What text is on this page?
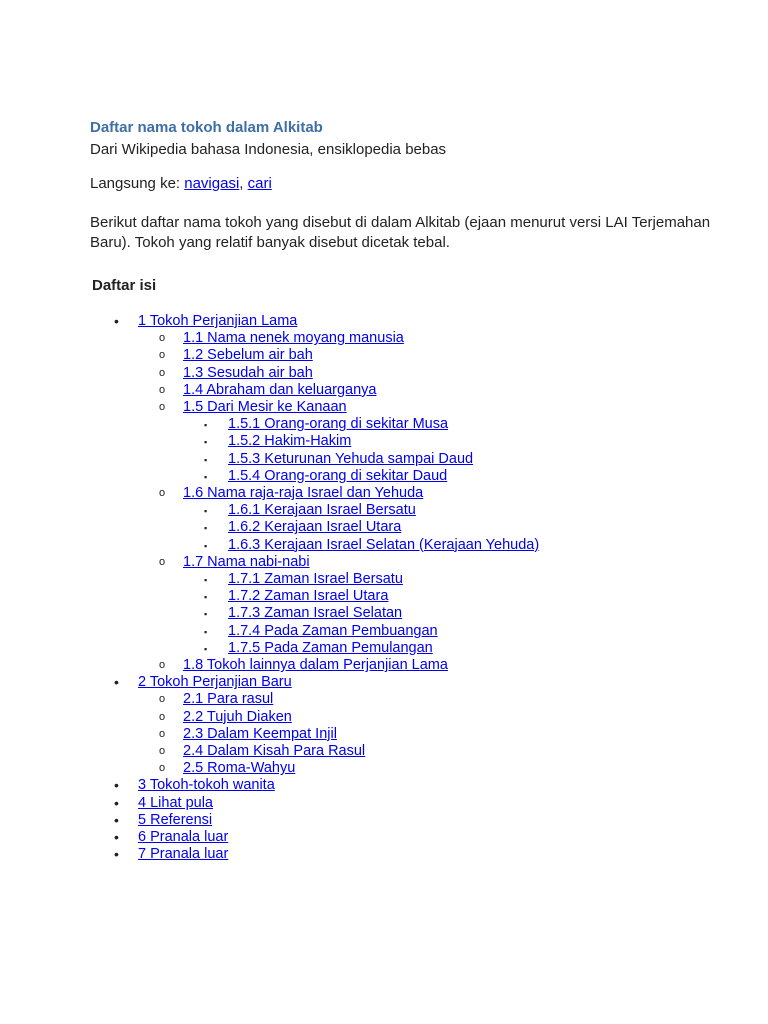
Daftar nama tokoh dalam Alkitab

Dari Wikipedia bahasa Indonesia, ensiklopedia bebas

Langsung ke: navigasi, cari

Berikut daftar nama tokoh yang disebut di dalam Alkitab (ejaan menurut versi LAI Terjemahan Baru). Tokoh yang relatif banyak disebut dicetak tebal.

Daftar isi
• 1 Tokoh Perjanjian Lama
o 1.1 Nama nenek moyang manusia
o 1.2 Sebelum air bah
o 1.3 Sesudah air bah
o 1.4 Abraham dan keluarganya
o 1.5 Dari Mesir ke Kanaan
▪ 1.5.1 Orang-orang di sekitar Musa
▪ 1.5.2 Hakim-Hakim
▪ 1.5.3 Keturunan Yehuda sampai Daud
▪ 1.5.4 Orang-orang di sekitar Daud
o 1.6 Nama raja-raja Israel dan Yehuda
▪ 1.6.1 Kerajaan Israel Bersatu
▪ 1.6.2 Kerajaan Israel Utara
▪ 1.6.3 Kerajaan Israel Selatan (Kerajaan Yehuda)
o 1.7 Nama nabi-nabi
▪ 1.7.1 Zaman Israel Bersatu
▪ 1.7.2 Zaman Israel Utara
▪ 1.7.3 Zaman Israel Selatan
▪ 1.7.4 Pada Zaman Pembuangan
▪ 1.7.5 Pada Zaman Pemulangan
o 1.8 Tokoh lainnya dalam Perjanjian Lama
• 2 Tokoh Perjanjian Baru
o 2.1 Para rasul
o 2.2 Tujuh Diaken
o 2.3 Dalam Keempat Injil
o 2.4 Dalam Kisah Para Rasul
o 2.5 Roma-Wahyu
• 3 Tokoh-tokoh wanita
• 4 Lihat pula
• 5 Referensi
• 6 Pranala luar
• 7 Pranala luar
